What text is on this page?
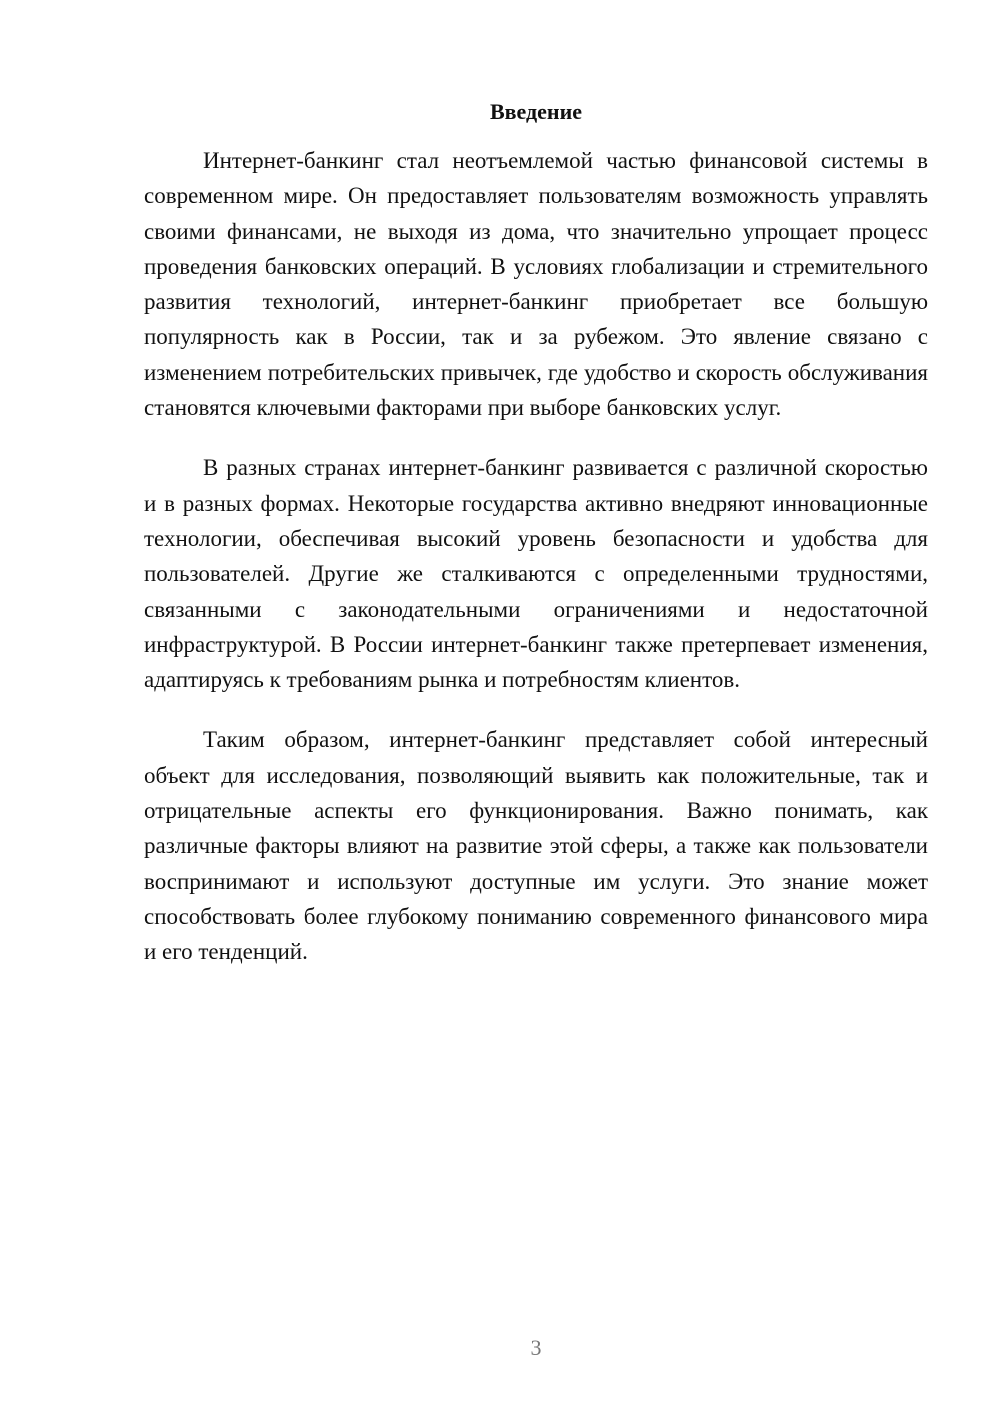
Введение

Интернет-банкинг стал неотъемлемой частью финансовой системы в современном мире. Он предоставляет пользователям возможность управлять своими финансами, не выходя из дома, что значительно упрощает процесс проведения банковских операций. В условиях глобализации и стремительного развития технологий, интернет-банкинг приобретает все большую популярность как в России, так и за рубежом. Это явление связано с изменением потребительских привычек, где удобство и скорость обслуживания становятся ключевыми факторами при выборе банковских услуг.

В разных странах интернет-банкинг развивается с различной скоростью и в разных формах. Некоторые государства активно внедряют инновационные технологии, обеспечивая высокий уровень безопасности и удобства для пользователей. Другие же сталкиваются с определенными трудностями, связанными с законодательными ограничениями и недостаточной инфраструктурой. В России интернет-банкинг также претерпевает изменения, адаптируясь к требованиям рынка и потребностям клиентов.

Таким образом, интернет-банкинг представляет собой интересный объект для исследования, позволяющий выявить как положительные, так и отрицательные аспекты его функционирования. Важно понимать, как различные факторы влияют на развитие этой сферы, а также как пользователи воспринимают и используют доступные им услуги. Это знание может способствовать более глубокому пониманию современного финансового мира и его тенденций.

3
